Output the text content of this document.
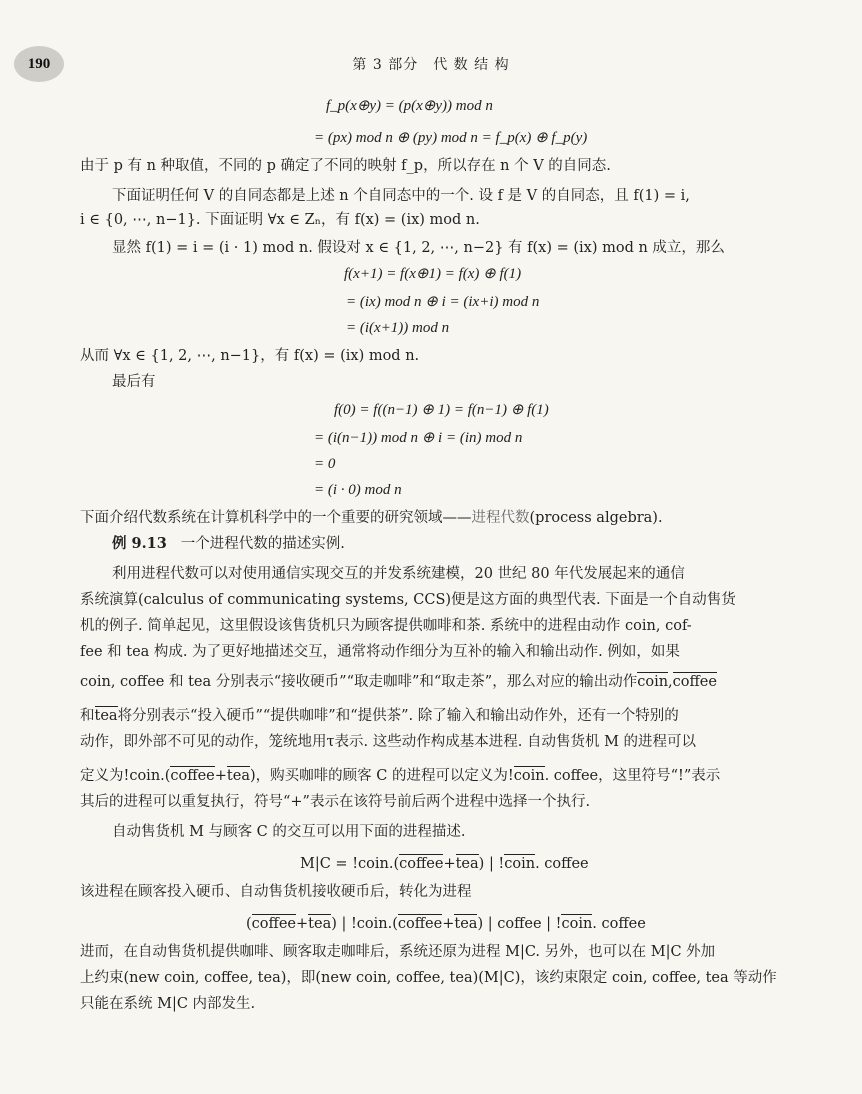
190	第 3 部分　代 数 结 构
f_p(x⊕y) = (p(x⊕y)) mod n
= (px) mod n ⊕ (py) mod n = f_p(x) ⊕ f_p(y)
由于 p 有 n 种取值，不同的 p 确定了不同的映射 f_p，所以存在 n 个 V 的自同态.
下面证明任何 V 的自同态都是上述 n 个自同态中的一个. 设 f 是 V 的自同态，且 f(1) = i,
i ∈ {0, ⋯, n−1}. 下面证明 ∀x ∈ Zₙ，有 f(x) = (ix) mod n.
显然 f(1) = i = (i · 1) mod n. 假设对 x ∈ {1, 2, ⋯, n−2} 有 f(x) = (ix) mod n 成立，那么
f(x+1) = f(x⊕1) = f(x) ⊕ f(1)
= (ix) mod n ⊕ i = (ix+i) mod n
= (i(x+1)) mod n
从而 ∀x ∈ {1, 2, ⋯, n−1}，有 f(x) = (ix) mod n.
最后有
f(0) = f((n−1) ⊕ 1) = f(n−1) ⊕ f(1)
= (i(n−1)) mod n ⊕ i = (in) mod n
= 0
= (i · 0) mod n
下面介绍代数系统在计算机科学中的一个重要的研究领域——进程代数(process algebra).
例 9.13 一个进程代数的描述实例.
利用进程代数可以对使用通信实现交互的并发系统建模，20 世纪 80 年代发展起来的通信
系统演算(calculus of communicating systems, CCS)便是这方面的典型代表. 下面是一个自动售货
机的例子. 简单起见，这里假设该售货机只为顾客提供咖啡和茶. 系统中的进程由动作 coin, cof-
fee 和 tea 构成. 为了更好地描述交互，通常将动作细分为互补的输入和输出动作. 例如，如果
coin, coffee 和 tea 分别表示“接收硬币”“取走咖啡”和“取走茶”，那么对应的输出动作coin,coffee
和tea将分别表示“投入硬币”“提供咖啡”和“提供茶”. 除了输入和输出动作外，还有一个特别的
动作，即外部不可见的动作，笼统地用τ表示. 这些动作构成基本进程. 自动售货机 M 的进程可以
定义为!coin.(coffee+tea)，购买咖啡的顾客 C 的进程可以定义为!coin. coffee，这里符号“!”表示
其后的进程可以重复执行，符号“+”表示在该符号前后两个进程中选择一个执行.
自动售货机 M 与顾客 C 的交互可以用下面的进程描述.
M|C = !coin.(coffee+tea) | !coin. coffee
该进程在顾客投入硬币、自动售货机接收硬币后，转化为进程
(coffee+tea) | !coin.(coffee+tea) | coffee | !coin. coffee
进而，在自动售货机提供咖啡、顾客取走咖啡后，系统还原为进程 M|C. 另外，也可以在 M|C 外加
上约束(new coin, coffee, tea)，即(new coin, coffee, tea)(M|C)，该约束限定 coin, coffee, tea 等动作
只能在系统 M|C 内部发生.
